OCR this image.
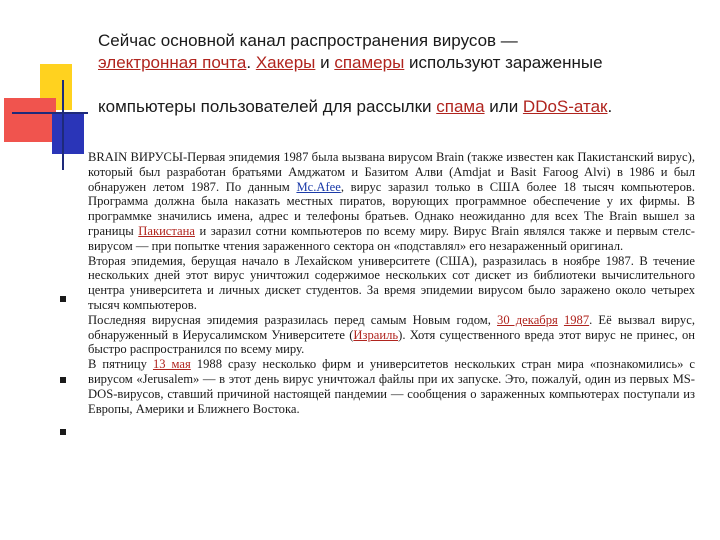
Сейчас основной канал распространения вирусов —
электронная почта. Хакеры и спамеры используют зараженные
компьютеры пользователей для рассылки спама или DDoS-атак.

BRAIN ВИРУСЫ-Первая эпидемия 1987 была вызвана вирусом Brain (также известен как Пакистанский вирус), который был разработан братьями Амджатом и Базитом Алви (Amdjat и Basit Faroog Alvi) в 1986 и был обнаружен летом 1987. По данным Mc.Afee, вирус заразил только в США более 18 тысяч компьютеров. Программа должна была наказать местных пиратов, ворующих программное обеспечение у их фирмы. В программке значились имена, адрес и телефоны братьев. Однако неожиданно для всех The Brain вышел за границы Пакистана и заразил сотни компьютеров по всему миру. Вирус Brain являлся также и первым стелс-вирусом — при попытке чтения зараженного сектора он «подставлял» его незараженный оригинал.

Вторая эпидемия, берущая начало в Лехайском университете (США), разразилась в ноябре 1987. В течение нескольких дней этот вирус уничтожил содержимое нескольких сот дискет из библиотеки вычислительного центра университета и личных дискет студентов. За время эпидемии вирусом было заражено около четырех тысяч компьютеров.

Последняя вирусная эпидемия разразилась перед самым Новым годом, 30 декабря 1987. Её вызвал вирус, обнаруженный в Иерусалимском Университете (Израиль). Хотя существенного вреда этот вирус не принес, он быстро распространился по всему миру.

В пятницу 13 мая 1988 сразу несколько фирм и университетов нескольких стран мира «познакомились» с вирусом «Jerusalem» — в этот день вирус уничтожал файлы при их запуске. Это, пожалуй, один из первых MS-DOS-вирусов, ставший причиной настоящей пандемии — сообщения о зараженных компьютерах поступали из Европы, Америки и Ближнего Востока.
